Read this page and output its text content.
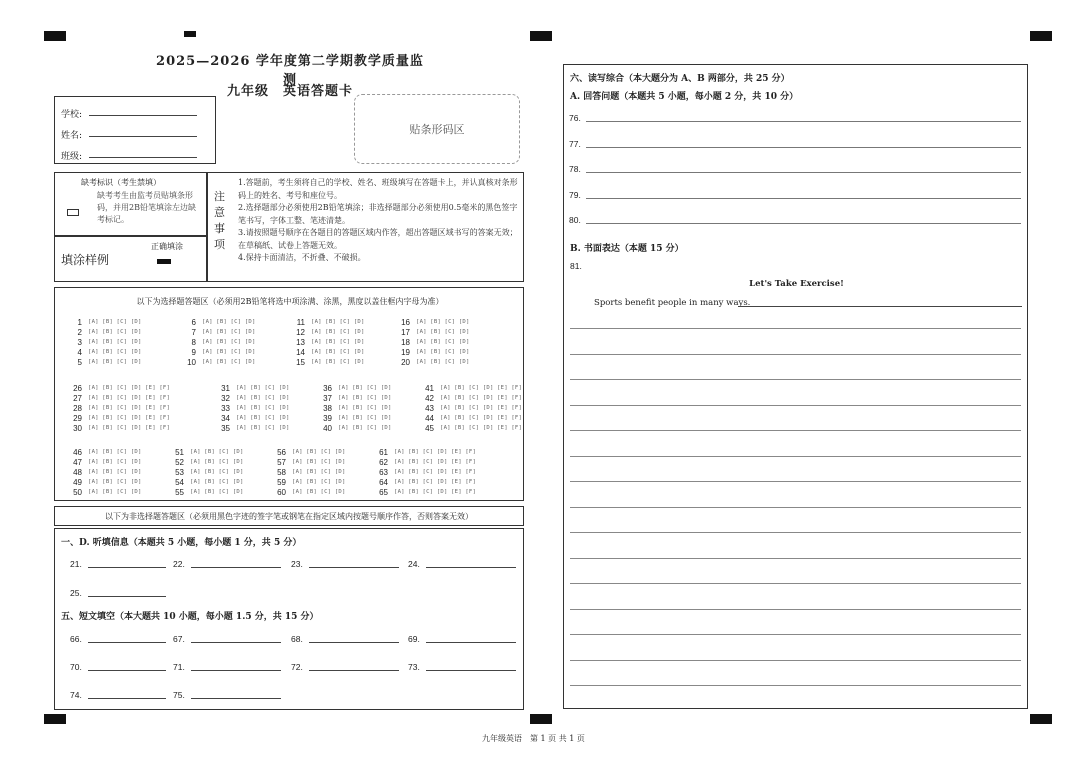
2025—2026 学年度第二学期教学质量监测
九年级　英语答题卡
学校:
姓名:
班级:
贴条形码区
缺考标识（考生禁填）
缺考考生由监考员贴填条形码，并用2B铅笔填涂左边缺考标记。
填涂样例
正确填涂
注
意
事
项
1.答题前，考生须将自己的学校、姓名、班级填写在答题卡上，并认真核对条形码上的姓名、考号和座位号。
2.选择题部分必须使用2B铅笔填涂；非选择题部分必须使用0.5毫米的黑色签字笔书写，字体工整、笔迹清楚。
3.请按照题号顺序在各题目的答题区域内作答，超出答题区域书写的答案无效；在草稿纸、试卷上答题无效。
4.保持卡面清洁，不折叠、不破损。
以下为选择题答题区（必须用2B铅笔将选中项涂满、涂黑，黑度以盖住框内字母为准）
1 [A] [B] [C] [D]
2 [A] [B] [C] [D]
3 [A] [B] [C] [D]
4 [A] [B] [C] [D]
5 [A] [B] [C] [D]
6 [A] [B] [C] [D]
7 [A] [B] [C] [D]
8 [A] [B] [C] [D]
9 [A] [B] [C] [D]
10 [A] [B] [C] [D]
11 [A] [B] [C] [D]
12 [A] [B] [C] [D]
13 [A] [B] [C] [D]
14 [A] [B] [C] [D]
15 [A] [B] [C] [D]
16 [A] [B] [C] [D]
17 [A] [B] [C] [D]
18 [A] [B] [C] [D]
19 [A] [B] [C] [D]
20 [A] [B] [C] [D]
26 [A] [B] [C] [D] [E] [F]
27 [A] [B] [C] [D] [E] [F]
28 [A] [B] [C] [D] [E] [F]
29 [A] [B] [C] [D] [E] [F]
30 [A] [B] [C] [D] [E] [F]
31 [A] [B] [C] [D]
32 [A] [B] [C] [D]
33 [A] [B] [C] [D]
34 [A] [B] [C] [D]
35 [A] [B] [C] [D]
36 [A] [B] [C] [D]
37 [A] [B] [C] [D]
38 [A] [B] [C] [D]
39 [A] [B] [C] [D]
40 [A] [B] [C] [D]
41 [A] [B] [C] [D] [E] [F]
42 [A] [B] [C] [D] [E] [F]
43 [A] [B] [C] [D] [E] [F]
44 [A] [B] [C] [D] [E] [F]
45 [A] [B] [C] [D] [E] [F]
46 [A] [B] [C] [D]
47 [A] [B] [C] [D]
48 [A] [B] [C] [D]
49 [A] [B] [C] [D]
50 [A] [B] [C] [D]
51 [A] [B] [C] [D]
52 [A] [B] [C] [D]
53 [A] [B] [C] [D]
54 [A] [B] [C] [D]
55 [A] [B] [C] [D]
56 [A] [B] [C] [D]
57 [A] [B] [C] [D]
58 [A] [B] [C] [D]
59 [A] [B] [C] [D]
60 [A] [B] [C] [D]
61 [A] [B] [C] [D] [E] [F]
62 [A] [B] [C] [D] [E] [F]
63 [A] [B] [C] [D] [E] [F]
64 [A] [B] [C] [D] [E] [F]
65 [A] [B] [C] [D] [E] [F]
以下为非选择题答题区（必须用黑色字迹的签字笔或钢笔在指定区域内按题号顺序作答，否则答案无效）
一、D. 听填信息（本题共 5 小题，每小题 1 分，共 5 分）
五、短文填空（本大题共 10 小题，每小题 1.5 分，共 15 分）
21.	22.	23.	24.
25.
66.	67.	68.	69.
70.	71.	72.	73.
74.	75.
六、读写综合（本大题分为 A、B 两部分，共 25 分）
A. 回答问题（本题共 5 小题，每小题 2 分，共 10 分）
B. 书面表达（本题 15 分）
81.
Let's Take Exercise!
Sports benefit people in many ways.
76.
77.
78.
79.
80.
九年级英语　第 1 页 共 1 页
